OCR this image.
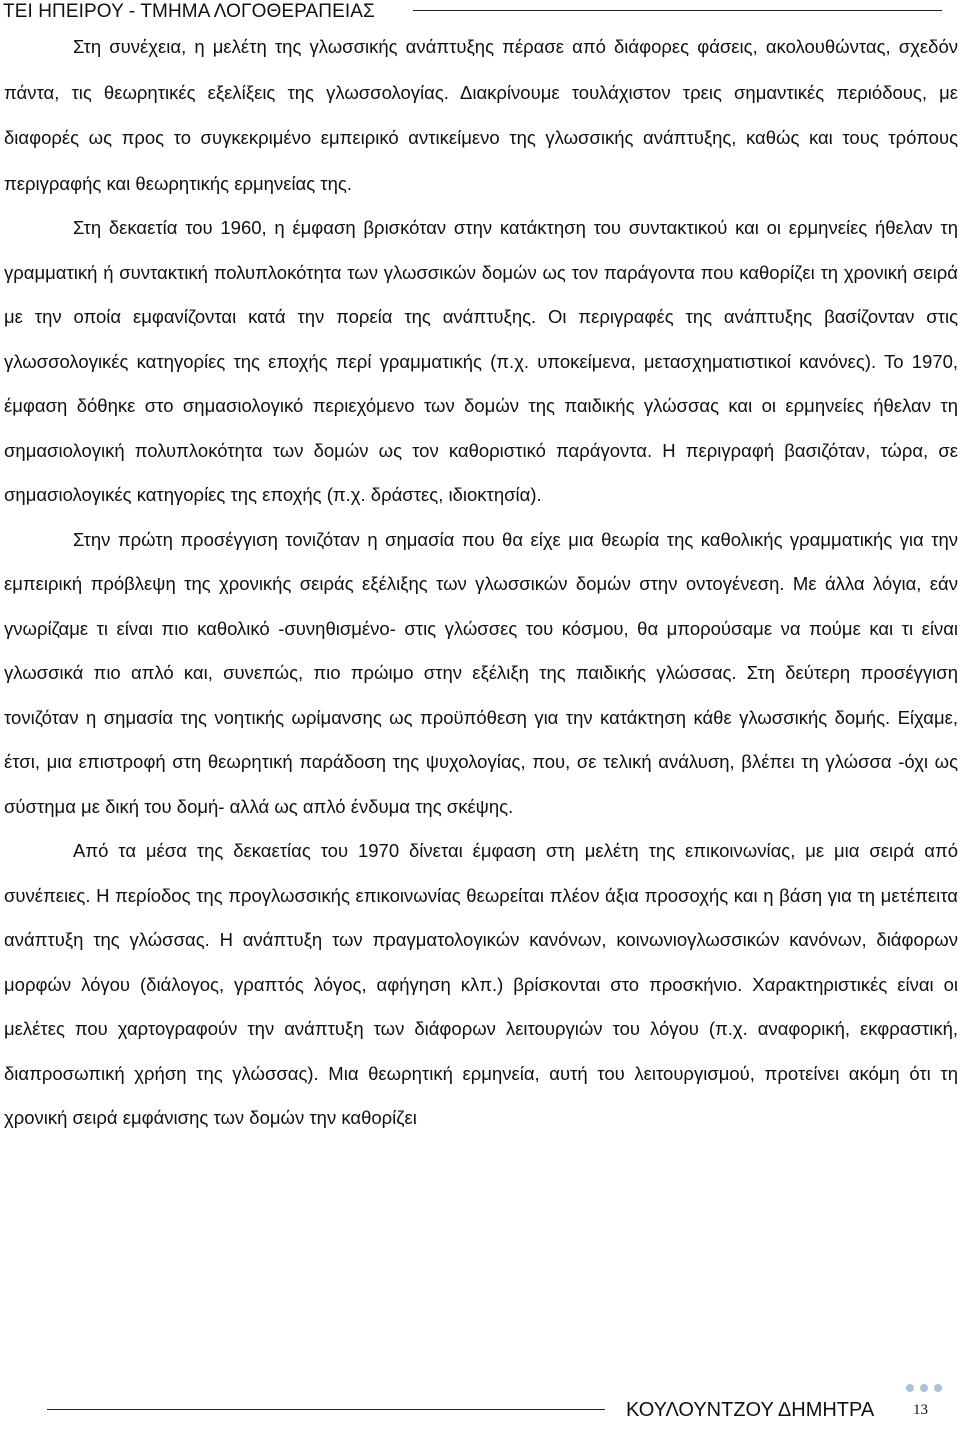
ΤΕΙ ΗΠΕΙΡΟΥ - ΤΜΗΜΑ ΛΟΓΟΘΕΡΑΠΕΙΑΣ

Στη συνέχεια, η μελέτη της γλωσσικής ανάπτυξης πέρασε από διάφορες φάσεις, ακολουθώντας, σχεδόν πάντα, τις θεωρητικές εξελίξεις της γλωσσολογίας. Διακρίνουμε τουλάχιστον τρεις σημαντικές περιόδους, με διαφορές ως προς το συγκεκριμένο εμπειρικό αντικείμενο της γλωσσικής ανάπτυξης, καθώς και τους τρόπους περιγραφής και θεωρητικής ερμηνείας της.

Στη δεκαετία του 1960, η έμφαση βρισκόταν στην κατάκτηση του συντακτικού και οι ερμηνείες ήθελαν τη γραμματική ή συντακτική πολυπλοκότητα των γλωσσικών δομών ως τον παράγοντα που καθορίζει τη χρονική σειρά με την οποία εμφανίζονται κατά την πορεία της ανάπτυξης. Οι περιγραφές της ανάπτυξης βασίζονταν στις γλωσσολογικές κατηγορίες της εποχής περί γραμματικής (π.χ. υποκείμενα, μετασχηματιστικοί κανόνες). Το 1970, έμφαση δόθηκε στο σημασιολογικό περιεχόμενο των δομών της παιδικής γλώσσας και οι ερμηνείες ήθελαν τη σημασιολογική πολυπλοκότητα των δομών ως τον καθοριστικό παράγοντα. Η περιγραφή βασιζόταν, τώρα, σε σημασιολογικές κατηγορίες της εποχής (π.χ. δράστες, ιδιοκτησία).

Στην πρώτη προσέγγιση τονιζόταν η σημασία που θα είχε μια θεωρία της καθολικής γραμματικής για την εμπειρική πρόβλεψη της χρονικής σειράς εξέλιξης των γλωσσικών δομών στην οντογένεση. Με άλλα λόγια, εάν γνωρίζαμε τι είναι πιο καθολικό -συνηθισμένο- στις γλώσσες του κόσμου, θα μπορούσαμε να πούμε και τι είναι γλωσσικά πιο απλό και, συνεπώς, πιο πρώιμο στην εξέλιξη της παιδικής γλώσσας. Στη δεύτερη προσέγγιση τονιζόταν η σημασία της νοητικής ωρίμανσης ως προϋπόθεση για την κατάκτηση κάθε γλωσσικής δομής. Είχαμε, έτσι, μια επιστροφή στη θεωρητική παράδοση της ψυχολογίας, που, σε τελική ανάλυση, βλέπει τη γλώσσα -όχι ως σύστημα με δική του δομή- αλλά ως απλό ένδυμα της σκέψης.

Από τα μέσα της δεκαετίας του 1970 δίνεται έμφαση στη μελέτη της επικοινωνίας, με μια σειρά από συνέπειες. Η περίοδος της προγλωσσικής επικοινωνίας θεωρείται πλέον άξια προσοχής και η βάση για τη μετέπειτα ανάπτυξη της γλώσσας. Η ανάπτυξη των πραγματολογικών κανόνων, κοινωνιογλωσσικών κανόνων, διάφορων μορφών λόγου (διάλογος, γραπτός λόγος, αφήγηση κλπ.) βρίσκονται στο προσκήνιο. Χαρακτηριστικές είναι οι μελέτες που χαρτογραφούν την ανάπτυξη των διάφορων λειτουργιών του λόγου (π.χ. αναφορική, εκφραστική, διαπροσωπική χρήση της γλώσσας). Μια θεωρητική ερμηνεία, αυτή του λειτουργισμού, προτείνει ακόμη ότι τη χρονική σειρά εμφάνισης των δομών την καθορίζει

ΚΟΥΛΟΥΝΤΖΟΥ ΔΗΜΗΤΡΑ	13
